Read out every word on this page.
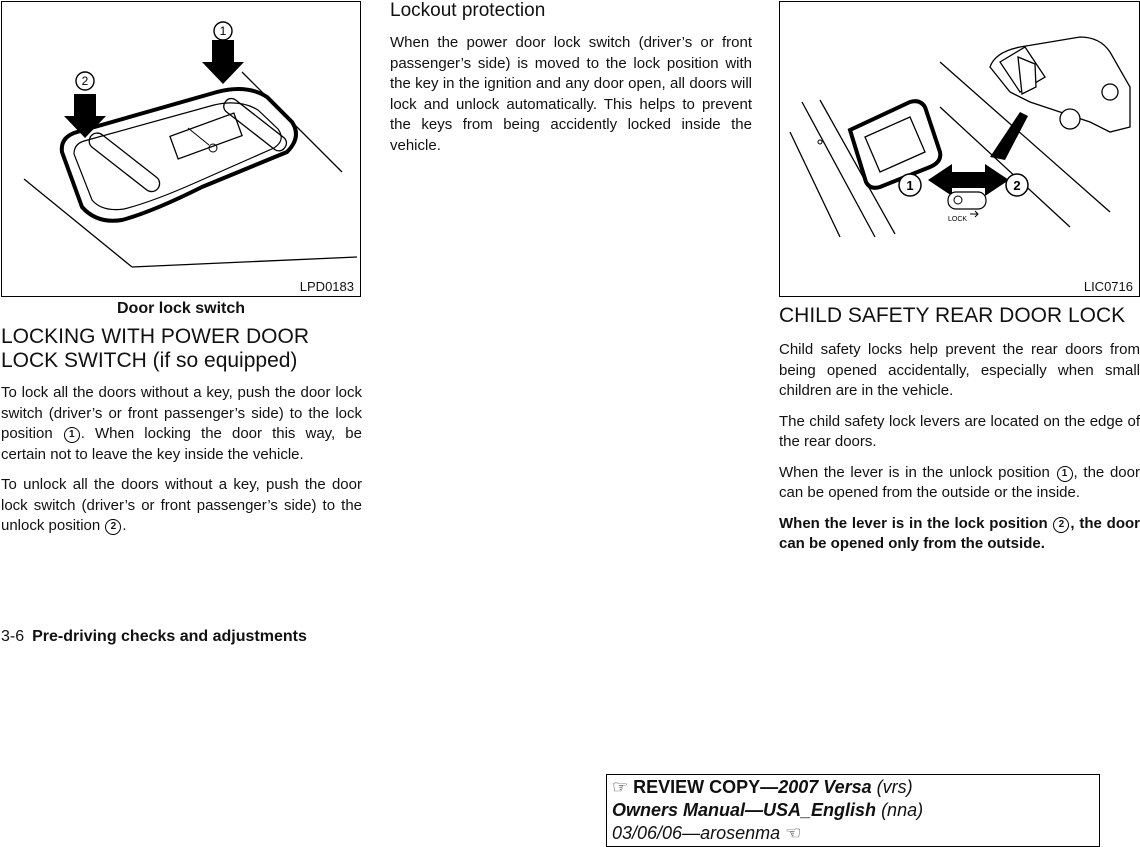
1
2
LPD0183
Door lock switch
LOCKING WITH POWER DOOR
LOCK SWITCH (if so equipped)

To lock all the doors without a key, push the door lock switch (driver’s or front passenger’s side) to the lock position 1 . When locking the door this way, be certain not to leave the key inside the vehicle.

To unlock all the doors without a key, push the door lock switch (driver’s or front passenger’s side) to the unlock position 2 .

Lockout protection

When the power door lock switch (driver’s or front passenger’s side) is moved to the lock position with the key in the ignition and any door open, all doors will lock and unlock automatically. This helps to prevent the keys from being accidently locked inside the vehicle.

LOCK
1	2
LIC0716
CHILD SAFETY REAR DOOR LOCK

Child safety locks help prevent the rear doors from being opened accidentally, especially when small children are in the vehicle.

The child safety lock levers are located on the edge of the rear doors.

When the lever is in the unlock position 1 , the door can be opened from the outside or the inside.

When the lever is in the lock position 2 , the door can be opened only from the outside.

3-6 Pre-driving checks and adjustments
☞ REVIEW COPY—2007 Versa (vrs)
Owners Manual—USA_English (nna)
03/06/06—arosenma ☜
